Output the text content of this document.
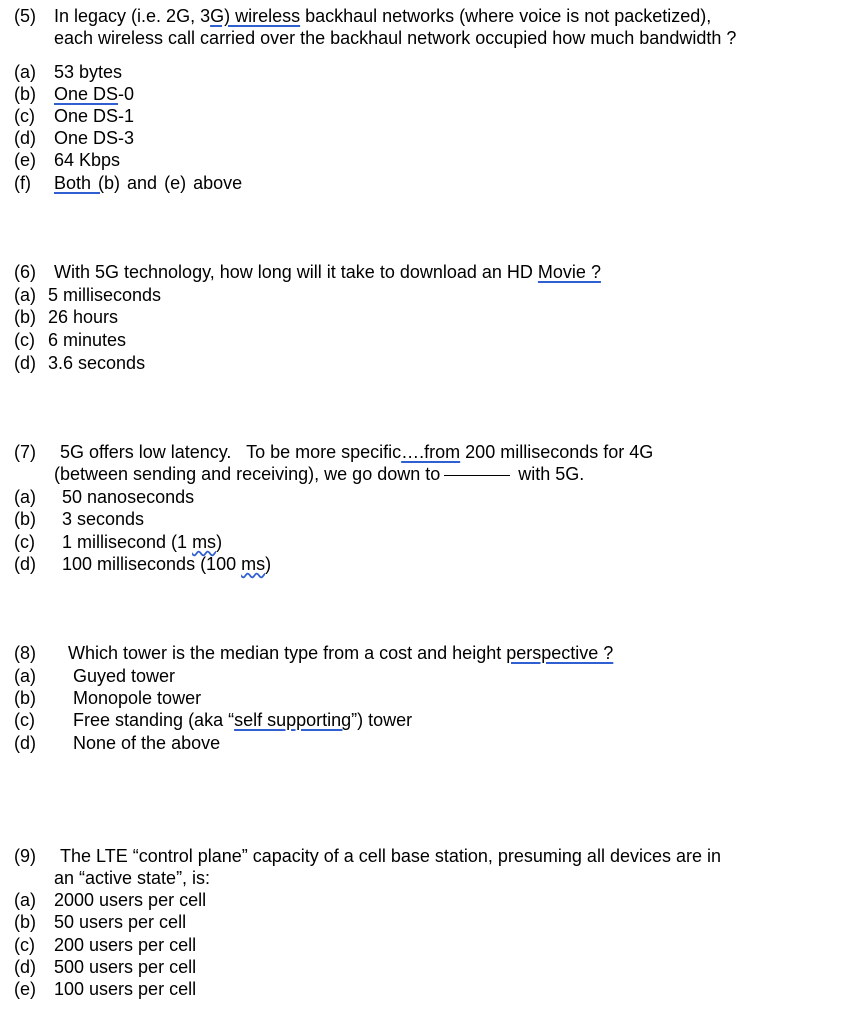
(5) In legacy (i.e. 2G, 3G) wireless backhaul networks (where voice is not packetized),
each wireless call carried over the backhaul network occupied how much bandwidth ?
(a) 53 bytes
(b) One DS-0
(c) One DS-1
(d) One DS-3
(e) 64 Kbps
(f) Both (b) and (e) above
(6) With 5G technology, how long will it take to download an HD Movie ?
(a) 5 milliseconds
(b) 26 hours
(c) 6 minutes
(d) 3.6 seconds
(7) 5G offers low latency.   To be more specific….from 200 milliseconds for 4G
(between sending and receiving), we go down to	with 5G.
(a) 50 nanoseconds
(b) 3 seconds
(c) 1 millisecond (1 ms)
(d) 100 milliseconds (100 ms)
(8) Which tower is the median type from a cost and height perspective ?
(a) Guyed tower
(b) Monopole tower
(c) Free standing (aka “self supporting”) tower
(d) None of the above
(9) The LTE “control plane” capacity of a cell base station, presuming all devices are in
an “active state”, is:
(a) 2000 users per cell
(b) 50 users per cell
(c) 200 users per cell
(d) 500 users per cell
(e) 100 users per cell
